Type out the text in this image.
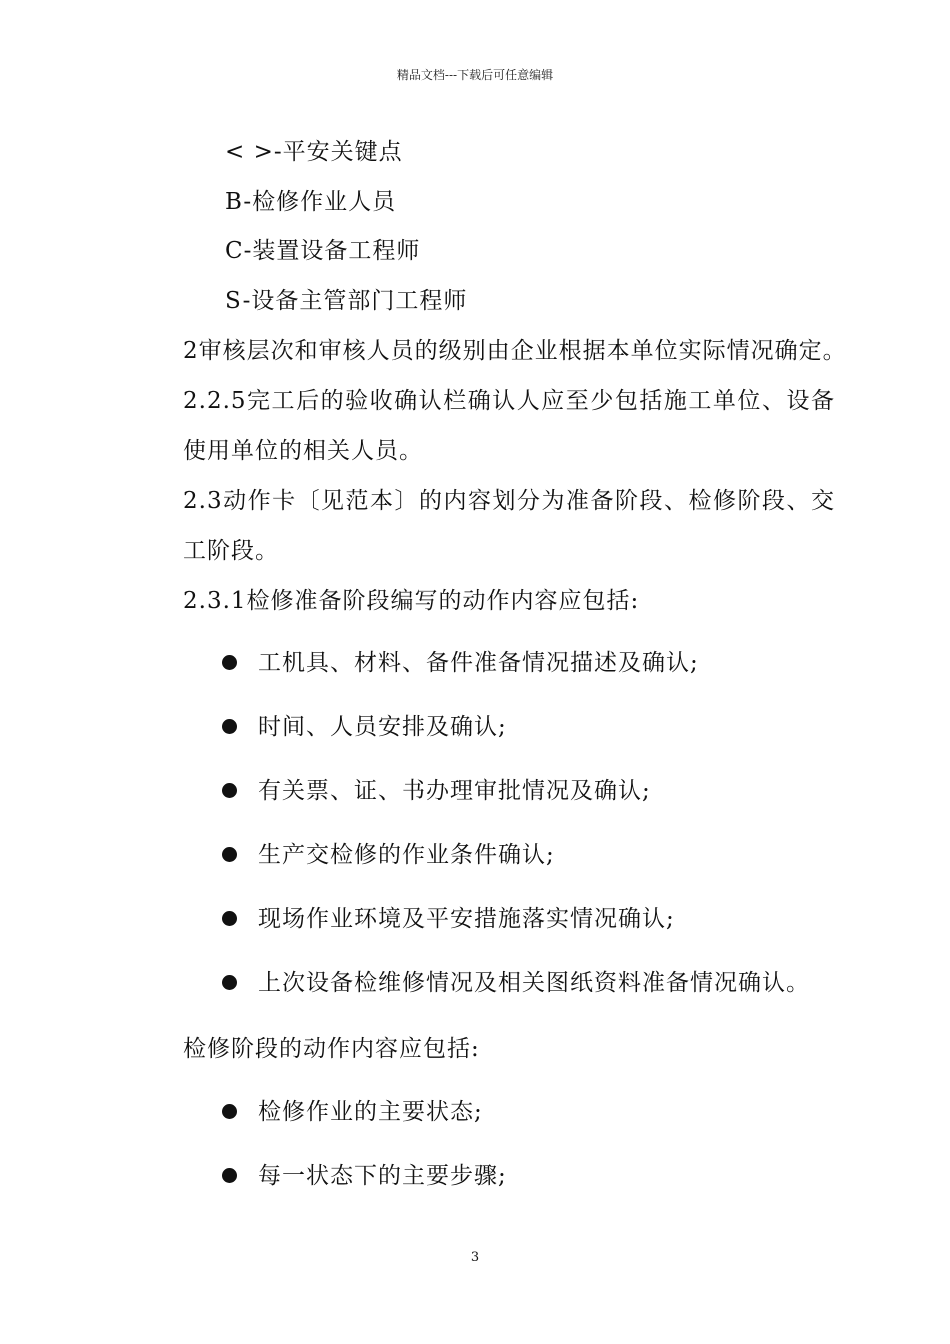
精品文档---下载后可任意编辑
< >-平安关键点
B-检修作业人员
C-装置设备工程师
S-设备主管部门工程师
2审核层次和审核人员的级别由企业根据本单位实际情况确定。
2.2.5完工后的验收确认栏确认人应至少包括施工单位、设备
使用单位的相关人员。
2.3动作卡〔见范本〕的内容划分为准备阶段、检修阶段、交
工阶段。
2.3.1检修准备阶段编写的动作内容应包括:
工机具、材料、备件准备情况描述及确认;
时间、人员安排及确认;
有关票、证、书办理审批情况及确认;
生产交检修的作业条件确认;
现场作业环境及平安措施落实情况确认;
上次设备检维修情况及相关图纸资料准备情况确认。
检修阶段的动作内容应包括:
检修作业的主要状态;
每一状态下的主要步骤;
3
